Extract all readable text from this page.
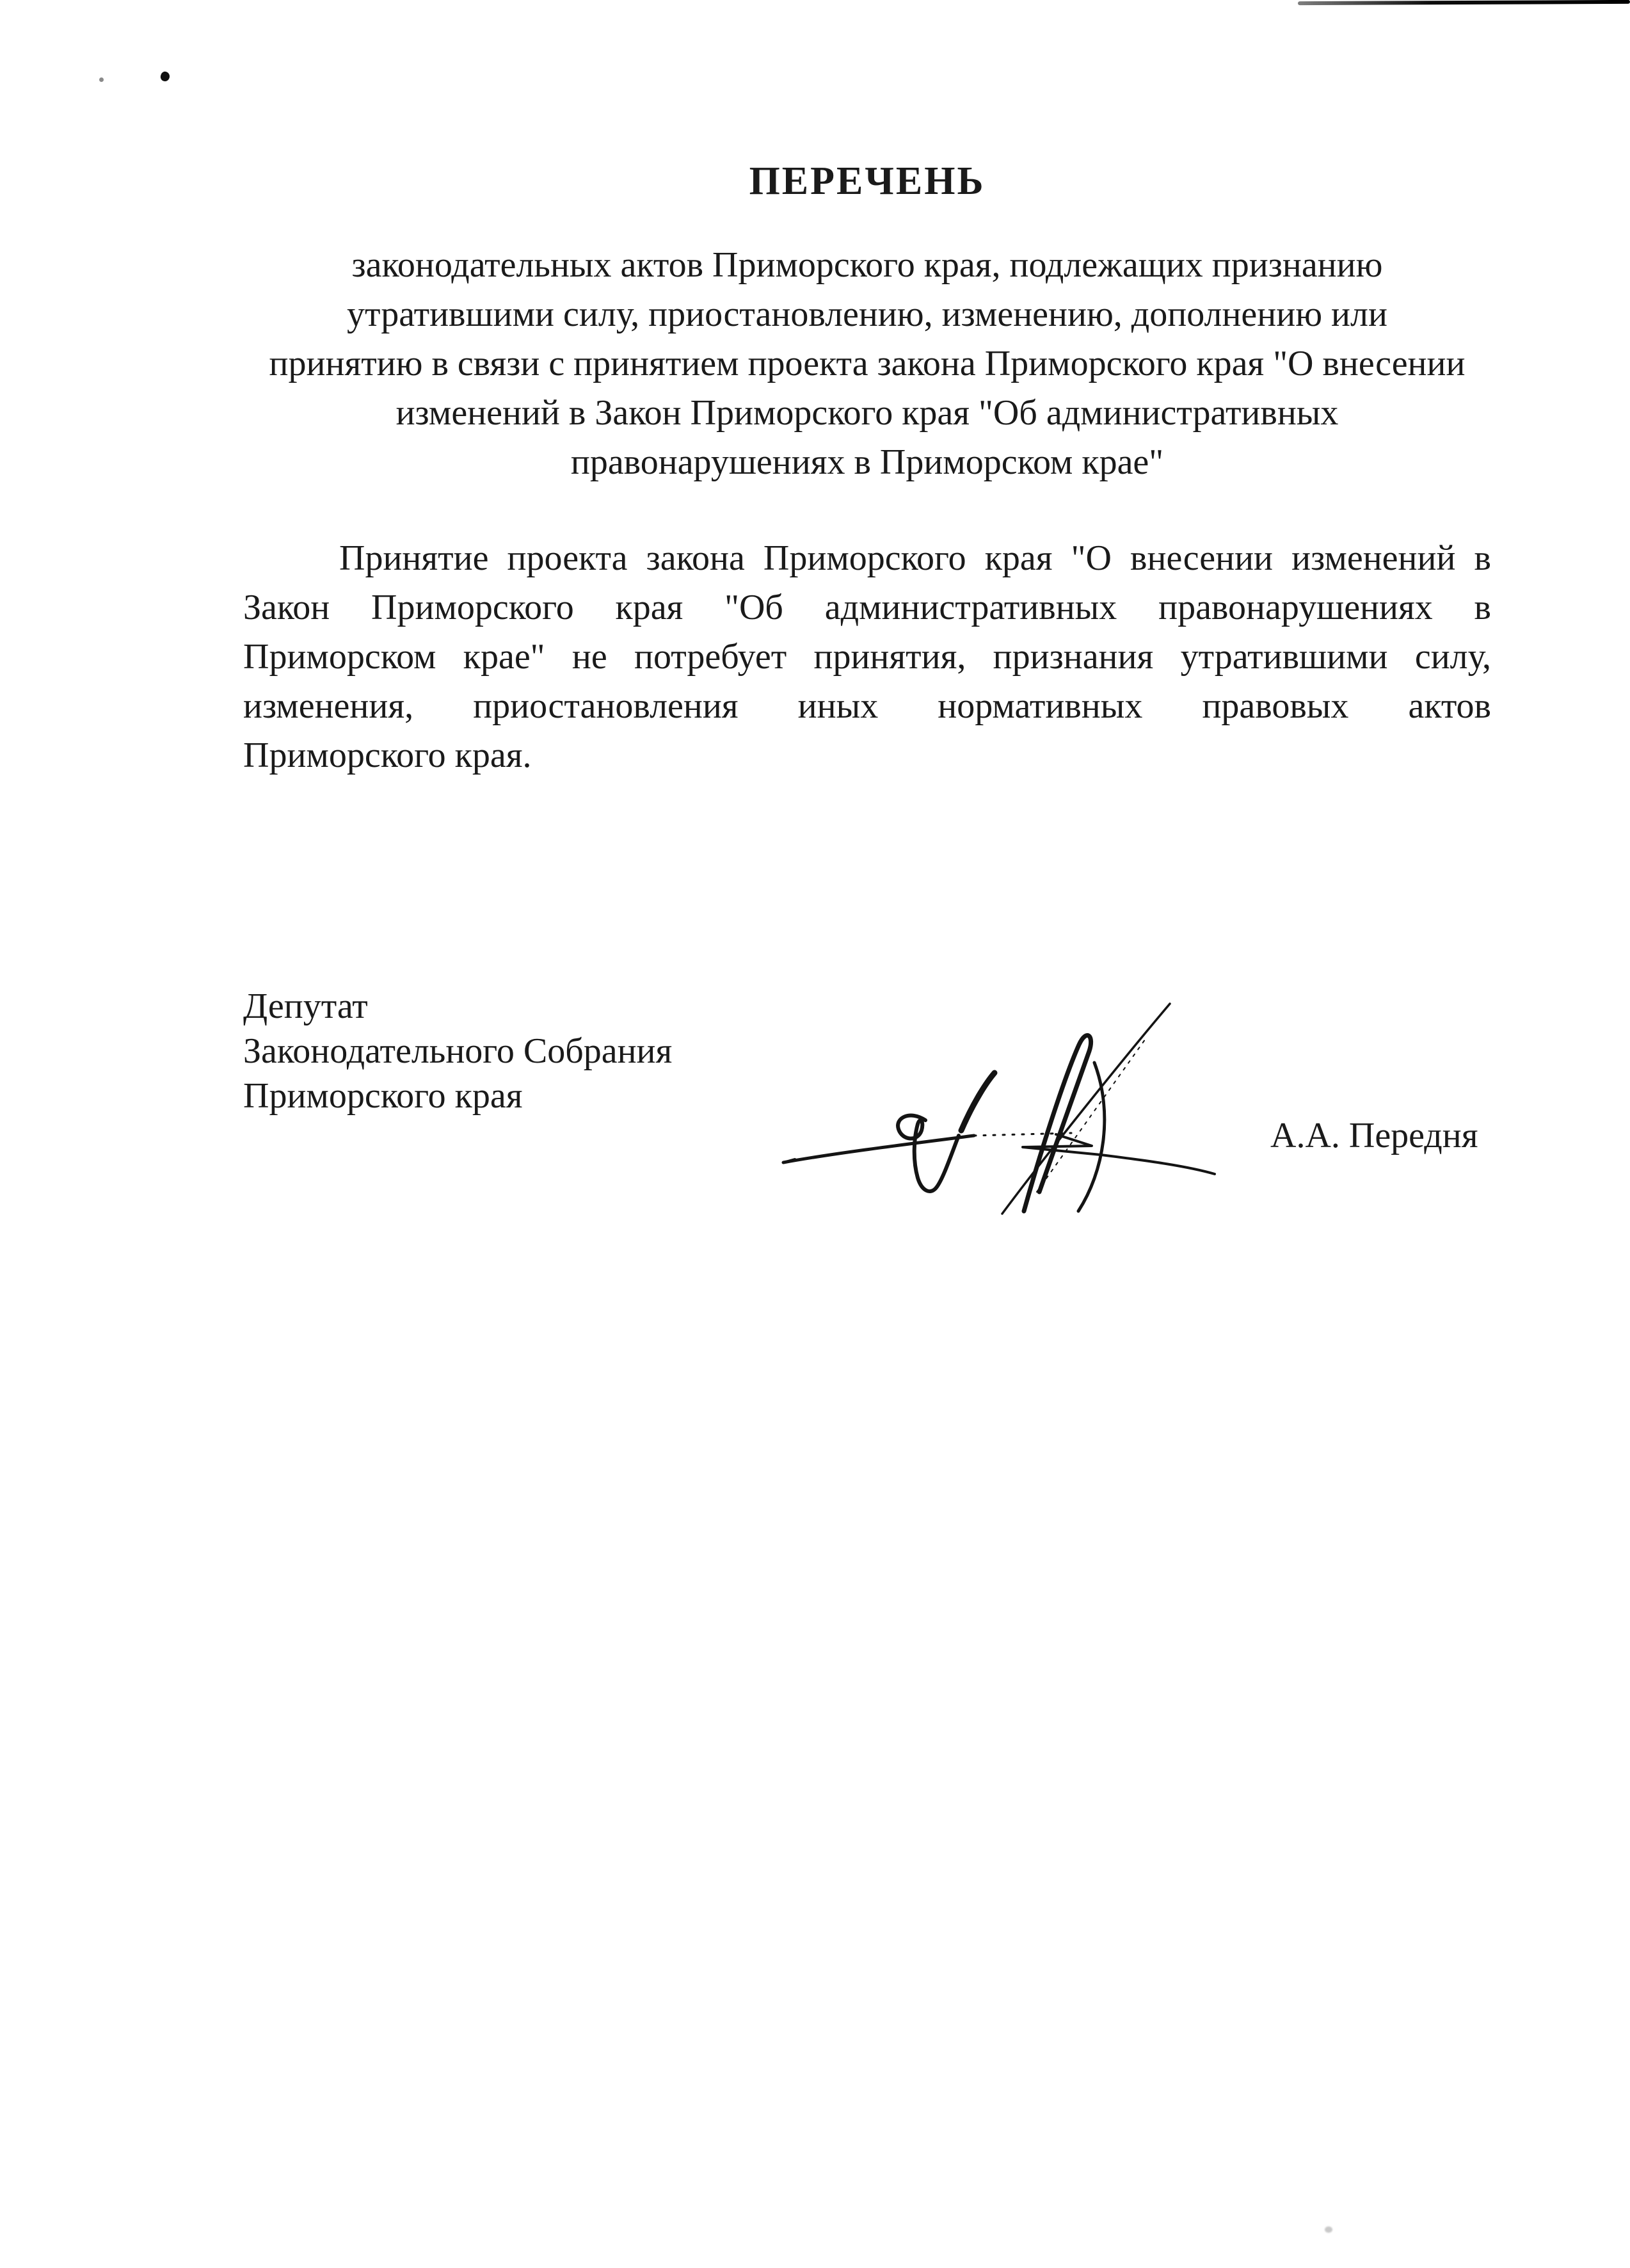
ПЕРЕЧЕНЬ
законодательных актов Приморского края, подлежащих признанию
утратившими силу, приостановлению, изменению, дополнению или
принятию в связи с принятием проекта закона Приморского края "О внесении
изменений в Закон Приморского края "Об административных
правонарушениях в Приморском крае"
Принятие проекта закона Приморского края "О внесении изменений в
Закон Приморского края "Об административных правонарушениях в
Приморском крае" не потребует принятия, признания утратившими силу,
изменения, приостановления иных нормативных правовых актов
Приморского края.
Депутат
Законодательного Собрания
Приморского края
А.А. Передня
